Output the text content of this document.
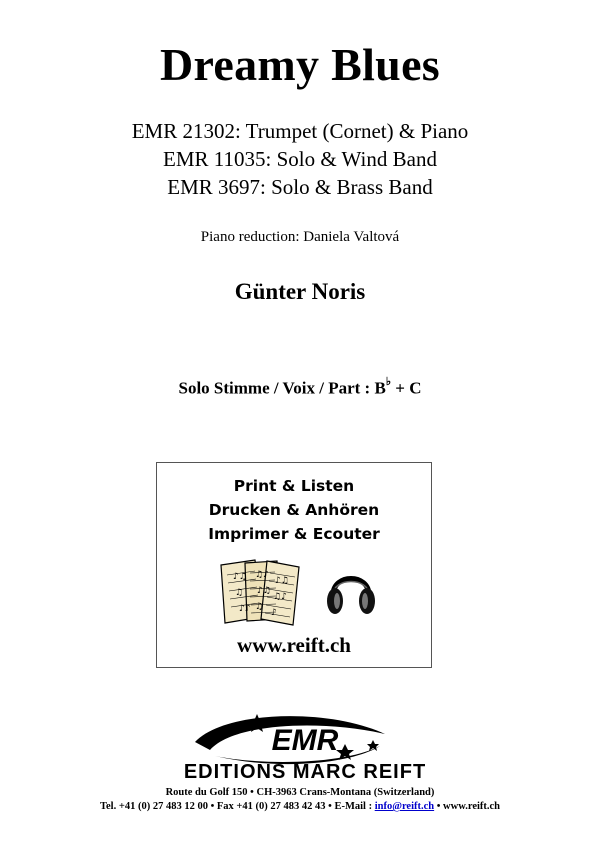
Dreamy Blues
EMR 21302: Trumpet (Cornet) & Piano
EMR 11035: Solo & Wind Band
EMR 3697: Solo & Brass Band
Piano reduction: Daniela Valtová
Günter Noris
Solo Stimme / Voix / Part : B♭ + C
Print & Listen
Drucken & Anhören
Imprimer & Ecouter
♪♫
♫
♪♪
♫♪
♪♫
♫
♪♫
♫♪
♪
www.reift.ch
EMR
EDITIONS MARC REIFT
Route du Golf 150 • CH-3963 Crans-Montana (Switzerland)
Tel. +41 (0) 27 483 12 00 • Fax +41 (0) 27 483 42 43 • E-Mail : info@reift.ch • www.reift.ch
